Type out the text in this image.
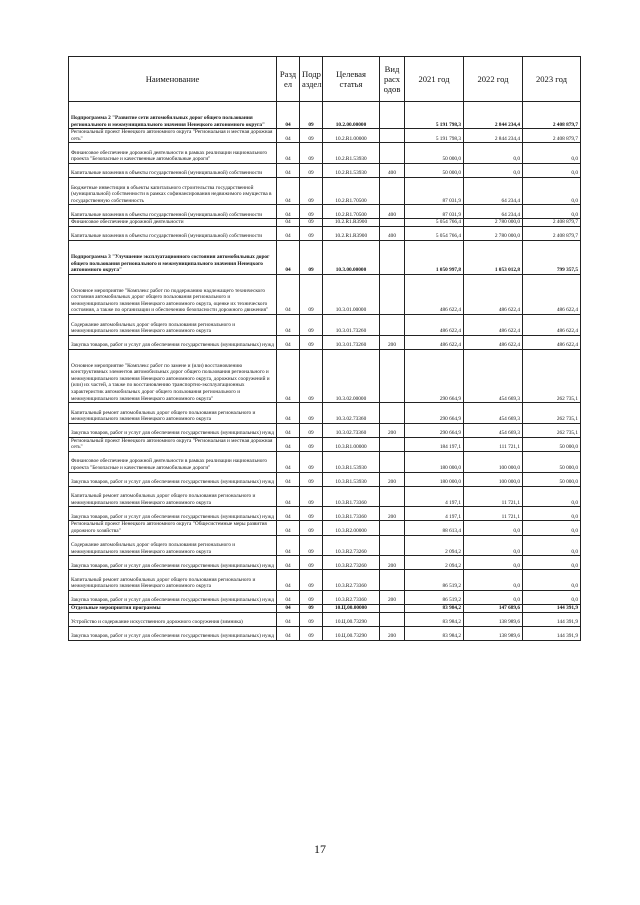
Наименование	Разд ел	Подр аздел	Целевая статья	Вид расх одов	2021 год	2022 год	2023 год
Подпрограмма 2 "Развитие сети автомобильных дорог общего пользования регионального и межмуниципального значения Ненецкого автономного округа"	04	09	10.2.00.00000		5 191 798,3	2 844 234,4	2 408 879,7
Региональный проект Ненецкого автономного округа "Региональная и местная дорожная сеть"	04	09	10.2.R1.00000		5 191 798,3	2 844 234,4	2 408 879,7
Финансовое обеспечение дорожной деятельности в рамках реализации национального проекта "Безопасные и качественные автомобильные дороги"	04	09	10.2.R1.53930		50 000,0	0,0	0,0
Капитальные вложения в объекты государственной (муниципальной) собственности	04	09	10.2.R1.53930	400	50 000,0	0,0	0,0
Бюджетные инвестиции в объекты капитального строительства государственной (муниципальной) собственности в рамках софинансирования недвижимого имущества в государственную собственность	04	09	10.2.R1.70500		87 031,9	64 234,4	0,0
Капитальные вложения в объекты государственной (муниципальной) собственности	04	09	10.2.R1.70500	400	87 031,9	64 234,4	0,0
Финансовое обеспечение дорожной деятельности	04	09	10.2.R1.R3900		5 054 766,4	2 780 000,0	2 408 879,7
Капитальные вложения в объекты государственной (муниципальной) собственности	04	09	10.2.R1.R3900	400	5 054 766,4	2 780 000,0	2 408 879,7
Подпрограмма 3 "Улучшение эксплуатационного состояния автомобильных дорог общего пользования регионального и межмуниципального значения Ненецкого автономного округа"	04	09	10.3.00.00000		1 050 997,8	1 053 012,8	799 357,5
Основное мероприятие "Комплекс работ по поддержанию надлежащего технического состояния автомобильных дорог общего пользования регионального и межмуниципального значения Ненецкого автономного округа, оценке их технического состояния, а также по организации и обеспечению безопасности дорожного движения"	04	09	10.3.01.00000		486 622,4	486 622,4	486 622,4
Содержание автомобильных дорог общего пользования регионального и межмуниципального значения Ненецкого автономного округа	04	09	10.3.01.73260		486 622,4	486 622,4	486 622,4
Закупка товаров, работ и услуг для обеспечения государственных (муниципальных) нужд	04	09	10.3.01.73260	200	486 622,4	486 622,4	486 622,4
Основное мероприятие "Комплекс работ по замене и (или) восстановлению конструктивных элементов автомобильных дорог общего пользования регионального и межмуниципального значения Ненецкого автономного округа, дорожных сооружений и (или) их частей, а также по восстановлению транспортно-эксплуатационных характеристик автомобильных дорог общего пользования регионального и межмуниципального значения Ненецкого автономного округа"	04	09	10.3.02.00000		290 664,9	454 669,3	262 735,1
Капитальный ремонт автомобильных дорог общего пользования регионального и межмуниципального значения Ненецкого автономного округа	04	09	10.3.02.73360		290 664,9	454 669,3	262 735,1
Закупка товаров, работ и услуг для обеспечения государственных (муниципальных) нужд	04	09	10.3.02.73360	200	290 664,9	454 669,3	262 735,1
Региональный проект Ненецкого автономного округа "Региональная и местная дорожная сеть"	04	09	10.3.R1.00000		184 197,1	111 721,1	50 000,0
Финансовое обеспечение дорожной деятельности в рамках реализации национального проекта "Безопасные и качественные автомобильные дороги"	04	09	10.3.R1.53930		180 000,0	100 000,0	50 000,0
Закупка товаров, работ и услуг для обеспечения государственных (муниципальных) нужд	04	09	10.3.R1.53930	200	180 000,0	100 000,0	50 000,0
Капитальный ремонт автомобильных дорог общего пользования регионального и межмуниципального значения Ненецкого автономного округа	04	09	10.3.R1.73360		4 197,1	11 721,1	0,0
Закупка товаров, работ и услуг для обеспечения государственных (муниципальных) нужд	04	09	10.3.R1.73360	200	4 197,1	11 721,1	0,0
Региональный проект Ненецкого автономного округа "Общесистемные меры развития дорожного хозяйства"	04	09	10.3.R2.00000		88 613,4	0,0	0,0
Содержание автомобильных дорог общего пользования регионального и межмуниципального значения Ненецкого автономного округа	04	09	10.3.R2.73260		2 094,2	0,0	0,0
Закупка товаров, работ и услуг для обеспечения государственных (муниципальных) нужд	04	09	10.3.R2.73260	200	2 094,2	0,0	0,0
Капитальный ремонт автомобильных дорог общего пользования регионального и межмуниципального значения Ненецкого автономного округа	04	09	10.3.R2.73360		86 519,2	0,0	0,0
Закупка товаров, работ и услуг для обеспечения государственных (муниципальных) нужд	04	09	10.3.R2.73360	200	86 519,2	0,0	0,0
Отдельные мероприятия программы	04	09	10.Ц.00.00000		83 984,2	147 689,6	144 391,9
Устройство и содержание искусственного дорожного сооружения (зимника)	04	09	10.Ц.00.73290		83 984,2	138 989,6	144 391,9
Закупка товаров, работ и услуг для обеспечения государственных (муниципальных) нужд	04	09	10.Ц.00.73290	200	83 984,2	138 989,6	144 391,9
17
